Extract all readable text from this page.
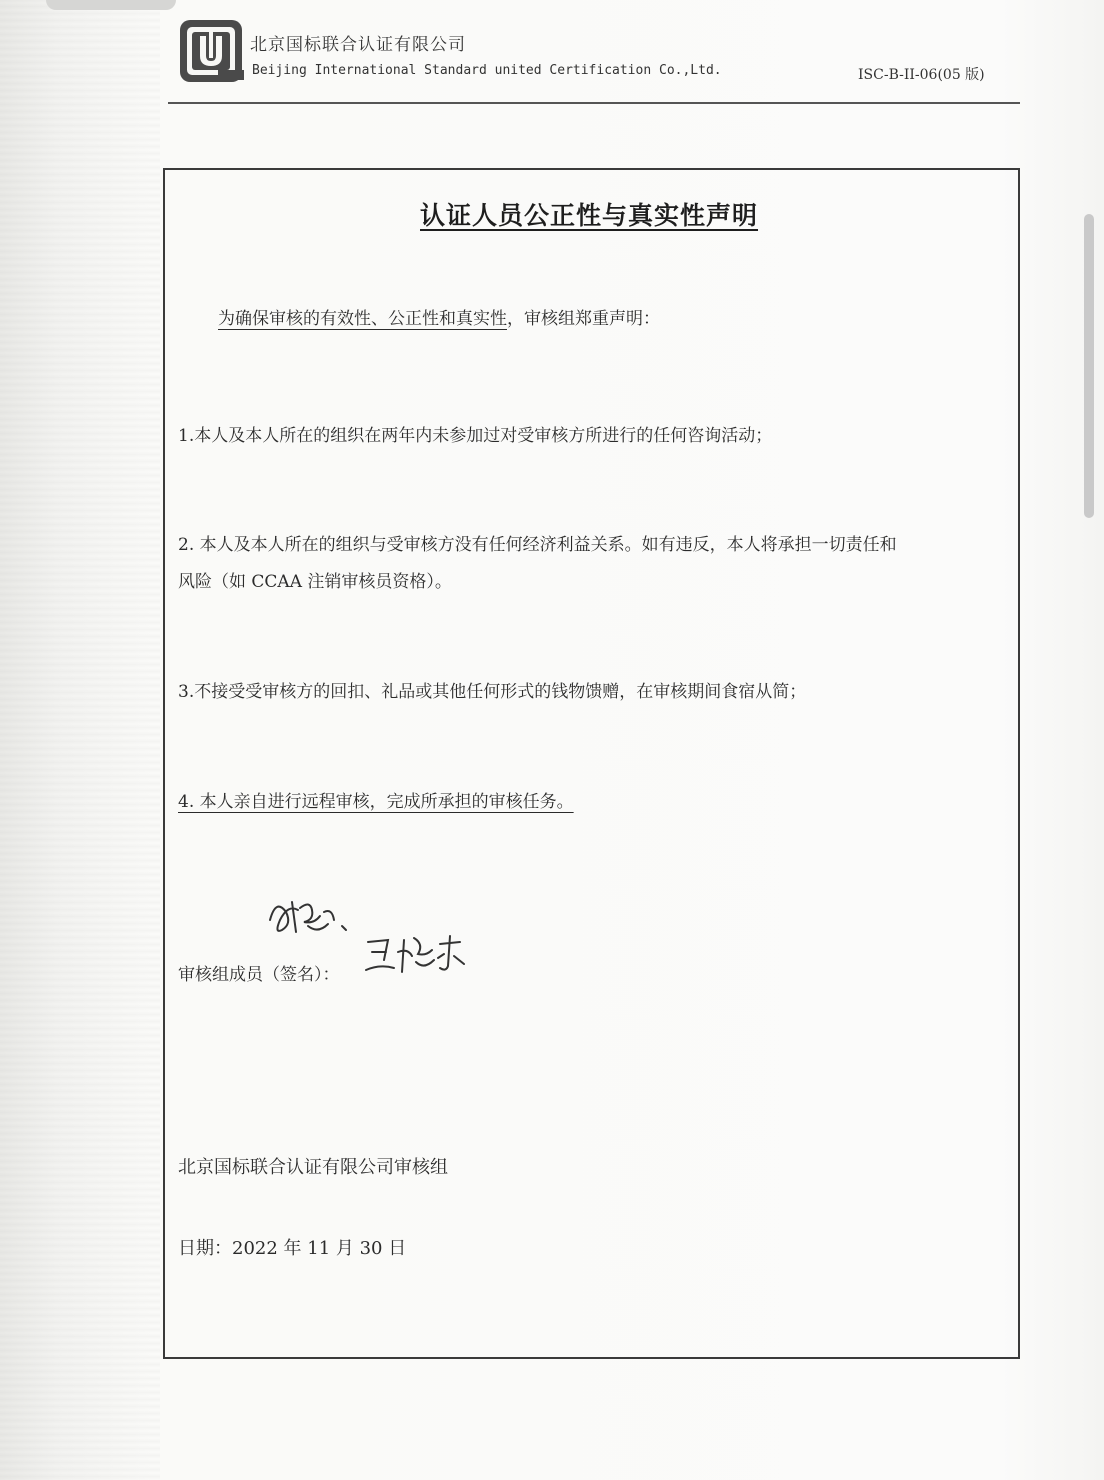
北京国标联合认证有限公司
Beijing International Standard united Certification Co.,Ltd.	ISC-B-II-06(05 版)
认证人员公正性与真实性声明
为确保审核的有效性、公正性和真实性，审核组郑重声明：
1.本人及本人所在的组织在两年内未参加过对受审核方所进行的任何咨询活动；
2. 本人及本人所在的组织与受审核方没有任何经济利益关系。如有违反，本人将承担一切责任和
风险（如 CCAA 注销审核员资格）。
3.不接受受审核方的回扣、礼品或其他任何形式的钱物馈赠，在审核期间食宿从简；
4. 本人亲自进行远程审核，完成所承担的审核任务。
审核组成员（签名）：
北京国标联合认证有限公司审核组
日期：2022 年 11 月 30 日
